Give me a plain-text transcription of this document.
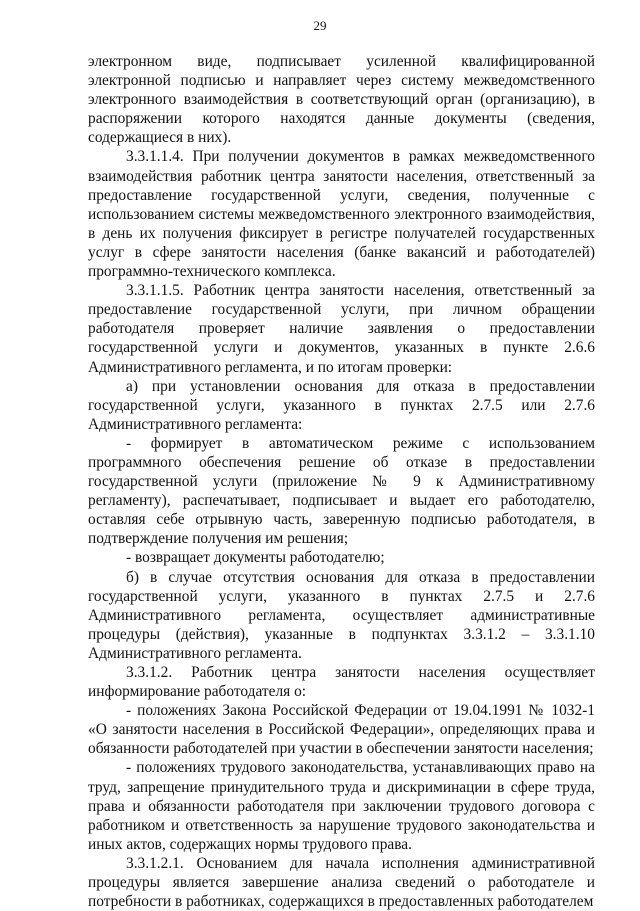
29

электронном виде, подписывает усиленной квалифицированной электронной подписью и направляет через систему межведомственного электронного взаимодействия в соответствующий орган (организацию), в распоряжении которого находятся данные документы (сведения, содержащиеся в них).

3.3.1.1.4. При получении документов в рамках межведомственного взаимодействия работник центра занятости населения, ответственный за предоставление государственной услуги, сведения, полученные с использованием системы межведомственного электронного взаимодействия, в день их получения фиксирует в регистре получателей государственных услуг в сфере занятости населения (банке вакансий и работодателей) программно-технического комплекса.

3.3.1.1.5. Работник центра занятости населения, ответственный за предоставление государственной услуги, при личном обращении работодателя проверяет наличие заявления о предоставлении государственной услуги и документов, указанных в пункте 2.6.6 Административного регламента, и по итогам проверки:

а) при установлении основания для отказа в предоставлении государственной услуги, указанного в пунктах 2.7.5 или 2.7.6 Административного регламента:

- формирует в автоматическом режиме с использованием программного обеспечения решение об отказе в предоставлении государственной услуги (приложение № 9 к Административному регламенту), распечатывает, подписывает и выдает его работодателю, оставляя себе отрывную часть, заверенную подписью работодателя, в подтверждение получения им решения;

- возвращает документы работодателю;

б) в случае отсутствия основания для отказа в предоставлении государственной услуги, указанного в пунктах 2.7.5 и 2.7.6 Административного регламента, осуществляет административные процедуры (действия), указанные в подпунктах 3.3.1.2 – 3.3.1.10 Административного регламента.

3.3.1.2. Работник центра занятости населения осуществляет информирование работодателя о:

- положениях Закона Российской Федерации от 19.04.1991 № 1032-1 «О занятости населения в Российской Федерации», определяющих права и обязанности работодателей при участии в обеспечении занятости населения;

- положениях трудового законодательства, устанавливающих право на труд, запрещение принудительного труда и дискриминации в сфере труда, права и обязанности работодателя при заключении трудового договора с работником и ответственность за нарушение трудового законодательства и иных актов, содержащих нормы трудового права.

3.3.1.2.1. Основанием для начала исполнения административной процедуры является завершение анализа сведений о работодателе и потребности в работниках, содержащихся в предоставленных работодателем
